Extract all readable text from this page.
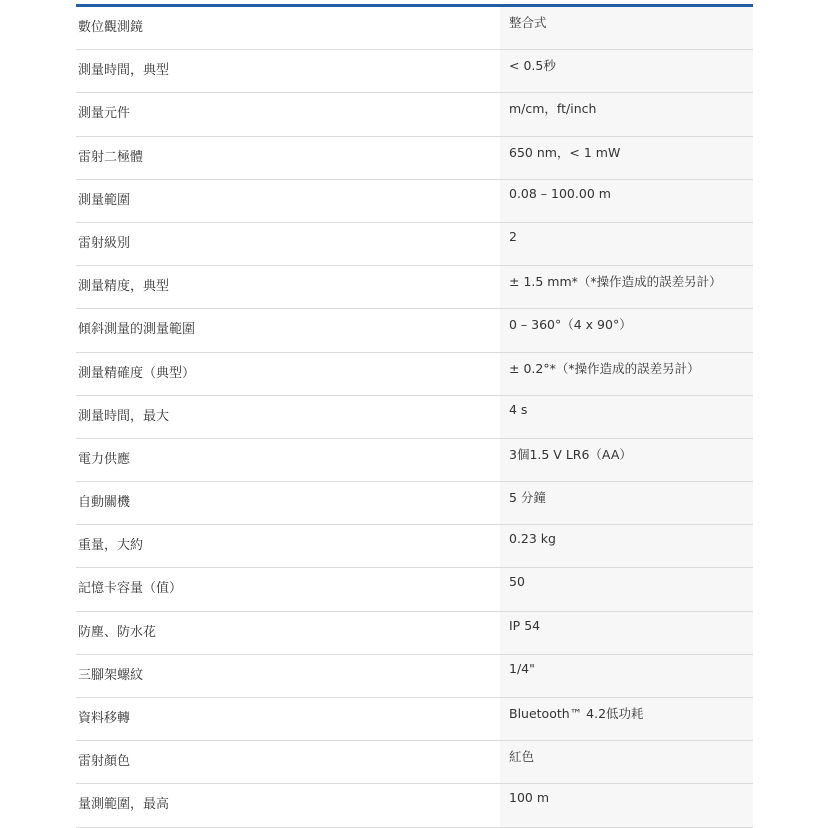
數位觀測鏡	整合式
測量時間，典型	< 0.5秒
測量元件	m/cm，ft/inch
雷射二極體	650 nm，< 1 mW
測量範圍	0.08 – 100.00 m
雷射級別	2
測量精度，典型	± 1.5 mm*（*操作造成的誤差另計）
傾斜測量的測量範圍	0 – 360°（4 x 90°）
測量精確度（典型）	± 0.2°*（*操作造成的誤差另計）
測量時間，最大	4 s
電力供應	3個1.5 V LR6（AA）
自動關機	5 分鐘
重量，大約	0.23 kg
記憶卡容量（值）	50
防塵、防水花	IP 54
三腳架螺紋	1/4"
資料移轉	Bluetooth™ 4.2低功耗
雷射顏色	紅色
量測範圍，最高	100 m
